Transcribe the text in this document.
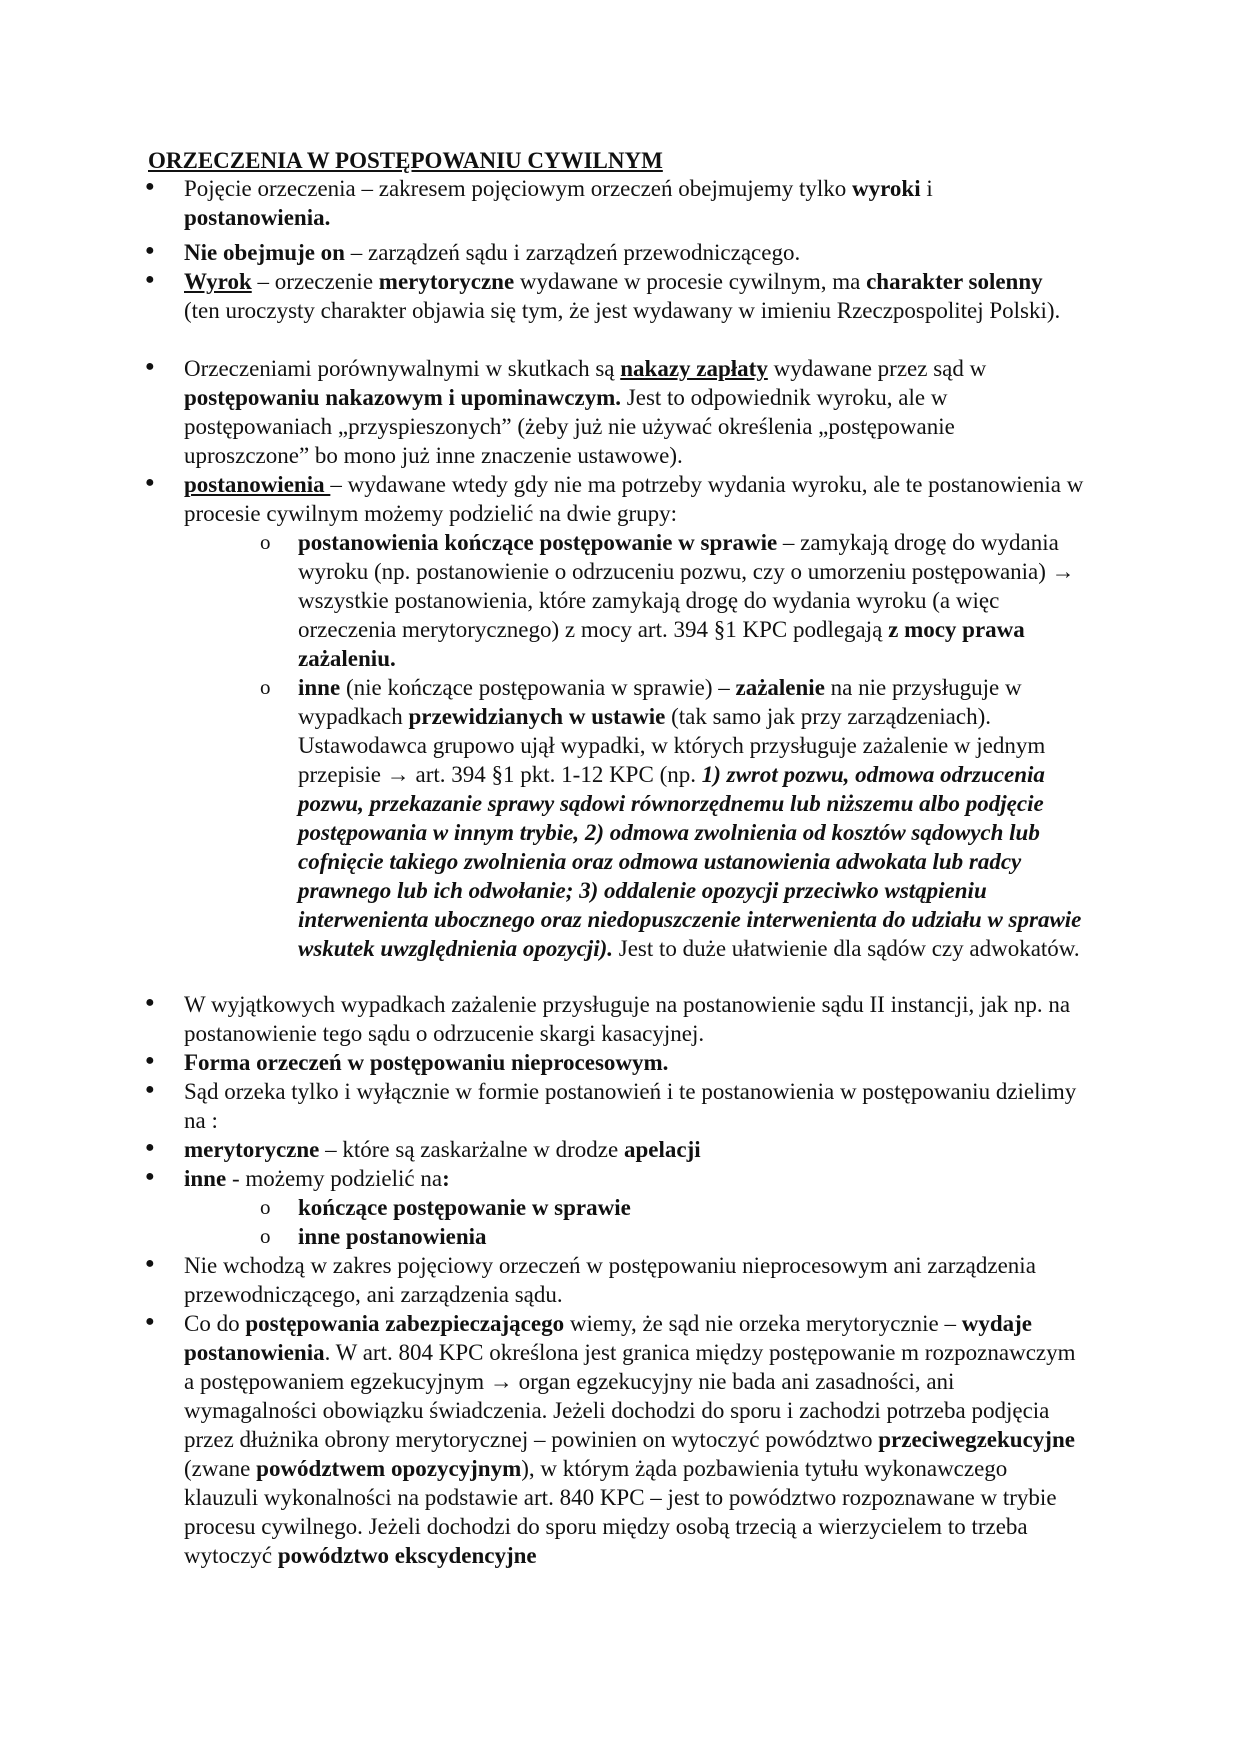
ORZECZENIA W POSTĘPOWANIU CYWILNYM
● Pojęcie orzeczenia – zakresem pojęciowym orzeczeń obejmujemy tylko wyroki i postanowienia.
● Nie obejmuje on – zarządzeń sądu i zarządzeń przewodniczącego.
● Wyrok – orzeczenie merytoryczne wydawane w procesie cywilnym, ma charakter solenny (ten uroczysty charakter objawia się tym, że jest wydawany w imieniu Rzeczpospolitej Polski).
● Orzeczeniami porównywalnymi w skutkach są nakazy zapłaty wydawane przez sąd w postępowaniu nakazowym i upominawczym. Jest to odpowiednik wyroku, ale w postępowaniach „przyspieszonych” (żeby już nie używać określenia „postępowanie uproszczone” bo mono już inne znaczenie ustawowe).
● postanowienia – wydawane wtedy gdy nie ma potrzeby wydania wyroku, ale te postanowienia w procesie cywilnym możemy podzielić na dwie grupy:
o postanowienia kończące postępowanie w sprawie – zamykają drogę do wydania wyroku (np. postanowienie o odrzuceniu pozwu, czy o umorzeniu postępowania) → wszystkie postanowienia, które zamykają drogę do wydania wyroku (a więc orzeczenia merytorycznego) z mocy art. 394 §1 KPC podlegają z mocy prawa zażaleniu.
o inne (nie kończące postępowania w sprawie) – zażalenie na nie przysługuje w wypadkach przewidzianych w ustawie (tak samo jak przy zarządzeniach). Ustawodawca grupowo ujął wypadki, w których przysługuje zażalenie w jednym przepisie → art. 394 §1 pkt. 1-12 KPC (np. 1) zwrot pozwu, odmowa odrzucenia pozwu, przekazanie sprawy sądowi równorzędnemu lub niższemu albo podjęcie postępowania w innym trybie, 2) odmowa zwolnienia od kosztów sądowych lub cofnięcie takiego zwolnienia oraz odmowa ustanowienia adwokata lub radcy prawnego lub ich odwołanie; 3) oddalenie opozycji przeciwko wstąpieniu interwenienta ubocznego oraz niedopuszczenie interwenienta do udziału w sprawie wskutek uwzględnienia opozycji). Jest to duże ułatwienie dla sądów czy adwokatów.
● W wyjątkowych wypadkach zażalenie przysługuje na postanowienie sądu II instancji, jak np. na postanowienie tego sądu o odrzucenie skargi kasacyjnej.
● Forma orzeczeń w postępowaniu nieprocesowym.
● Sąd orzeka tylko i wyłącznie w formie postanowień i te postanowienia w postępowaniu dzielimy na :
● merytoryczne – które są zaskarżalne w drodze apelacji
● inne - możemy podzielić na:
o kończące postępowanie w sprawie
o inne postanowienia
● Nie wchodzą w zakres pojęciowy orzeczeń w postępowaniu nieprocesowym ani zarządzenia przewodniczącego, ani zarządzenia sądu.
● Co do postępowania zabezpieczającego wiemy, że sąd nie orzeka merytorycznie – wydaje postanowienia. W art. 804 KPC określona jest granica między postępowanie m rozpoznawczym a postępowaniem egzekucyjnym → organ egzekucyjny nie bada ani zasadności, ani wymagalności obowiązku świadczenia. Jeżeli dochodzi do sporu i zachodzi potrzeba podjęcia przez dłużnika obrony merytorycznej – powinien on wytoczyć powództwo przeciwegzekucyjne (zwane powództwem opozycyjnym), w którym żąda pozbawienia tytułu wykonawczego klauzuli wykonalności na podstawie art. 840 KPC – jest to powództwo rozpoznawane w trybie procesu cywilnego. Jeżeli dochodzi do sporu między osobą trzecią a wierzycielem to trzeba wytoczyć powództwo ekscydencyjne
